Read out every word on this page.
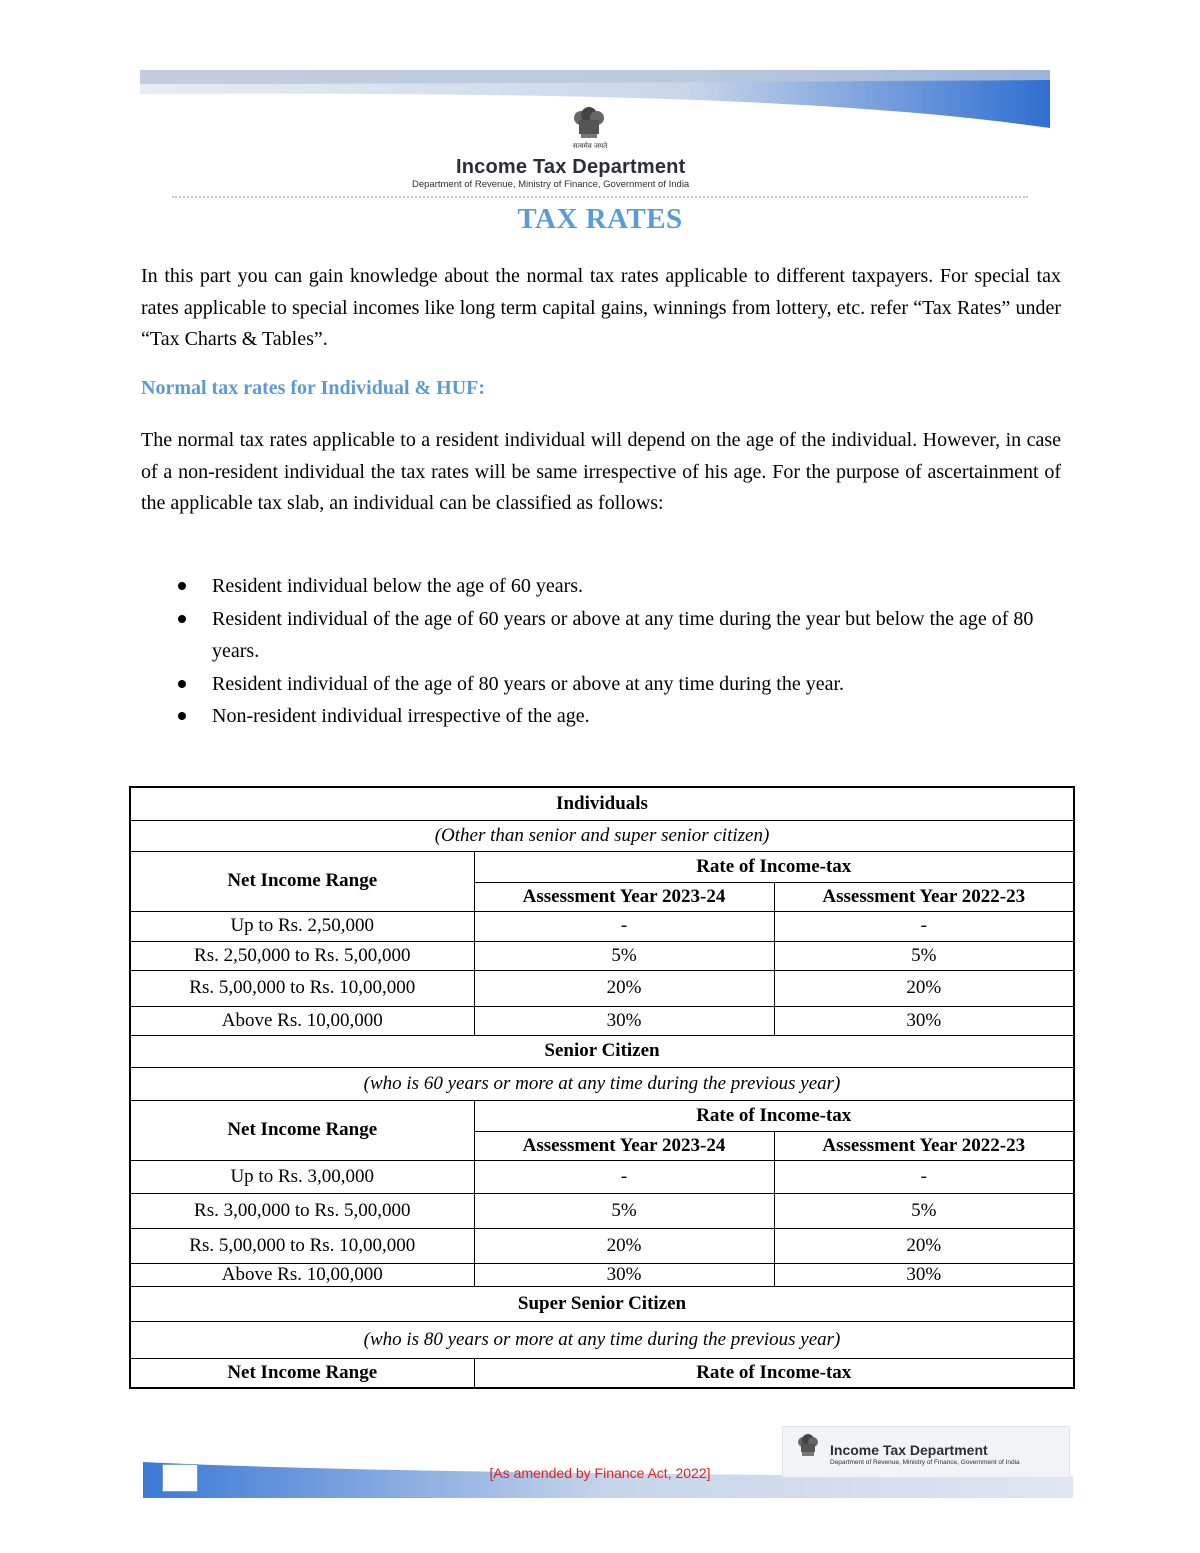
सत्यमेव जयते
Income Tax Department
Department of Revenue, Ministry of Finance, Government of India
TAX RATES
In this part you can gain knowledge about the normal tax rates applicable to different taxpayers. For special tax rates applicable to special incomes like long term capital gains, winnings from lottery, etc. refer “Tax Rates” under “Tax Charts & Tables”.
Normal tax rates for Individual & HUF:
The normal tax rates applicable to a resident individual will depend on the age of the individual. However, in case of a non-resident individual the tax rates will be same irrespective of his age. For the purpose of ascertainment of the applicable tax slab, an individual can be classified as follows:
Resident individual below the age of 60 years.
Resident individual of the age of 60 years or above at any time during the year but below the age of 80 years.
Resident individual of the age of 80 years or above at any time during the year.
Non-resident individual irrespective of the age.
Individuals		
(Other than senior and super senior citizen)		
Net Income Range	Rate of Income-tax	
	Assessment Year 2023-24	Assessment Year 2022-23
Up to Rs. 2,50,000	-	-
Rs. 2,50,000 to Rs. 5,00,000	5%	5%
Rs. 5,00,000 to Rs. 10,00,000	20%	20%
Above Rs. 10,00,000	30%	30%
Senior Citizen		
(who is 60 years or more at any time during the previous year)		
Net Income Range	Rate of Income-tax	
	Assessment Year 2023-24	Assessment Year 2022-23
Up to Rs. 3,00,000	-	-
Rs. 3,00,000 to Rs. 5,00,000	5%	5%
Rs. 5,00,000 to Rs. 10,00,000	20%	20%
Above Rs. 10,00,000	30%	30%
Super Senior Citizen		
(who is 80 years or more at any time during the previous year)		
Net Income Range	Rate of Income-tax	
[As amended by Finance Act, 2022]
Income Tax Department
Department of Revenue, Ministry of Finance, Government of India
